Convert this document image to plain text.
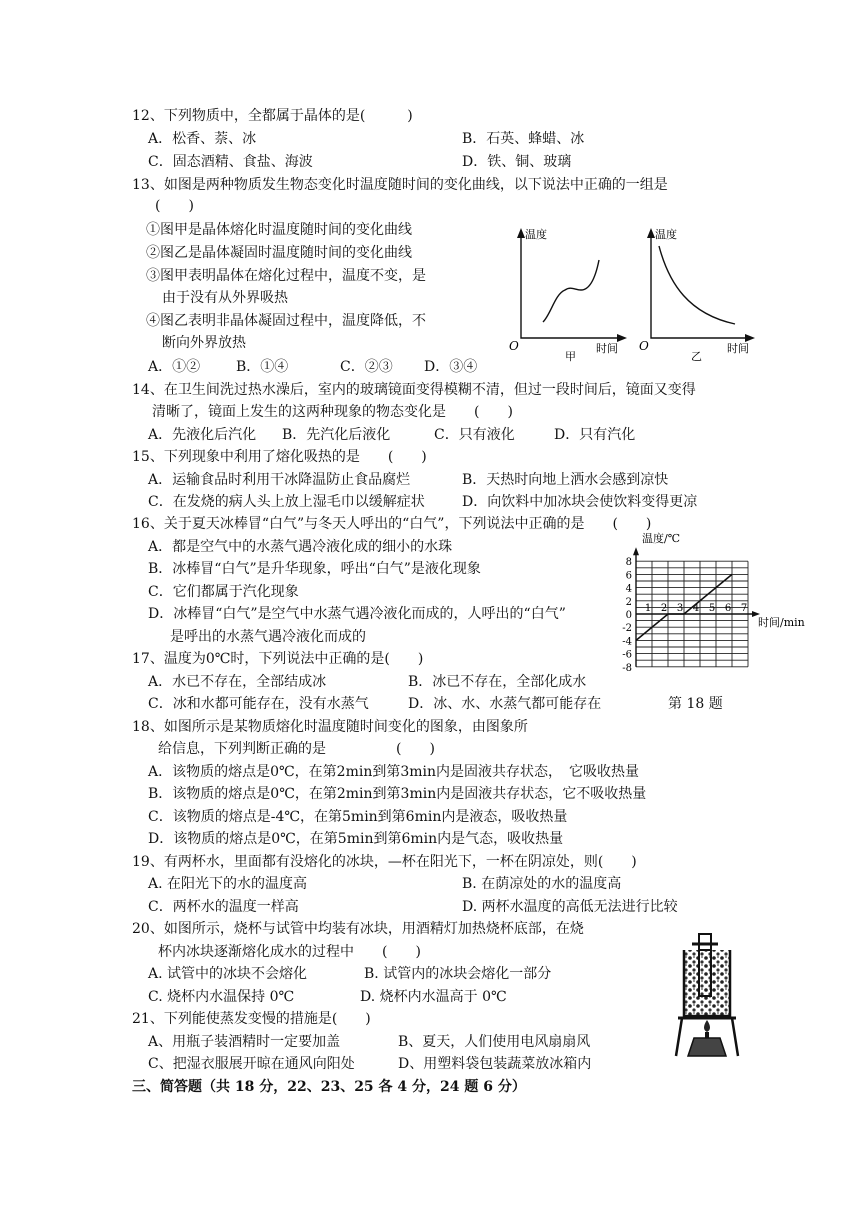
12、下列物质中，全都属于晶体的是(　　　)
A．松香、萘、冰	B．石英、蜂蜡、冰
C．固态酒精、食盐、海波	D．铁、铜、玻璃
13、如图是两种物质发生物态变化时温度随时间的变化曲线，以下说法中正确的一组是
(　　)
①图甲是晶体熔化时温度随时间的变化曲线
②图乙是晶体凝固时温度随时间的变化曲线
③图甲表明晶体在熔化过程中，温度不变，是
由于没有从外界吸热
④图乙表明非晶体凝固过程中，温度降低，不
断向外界放热
A．①②	B．①④	C．②③ D．③④
温度
O	时间
甲
温度
O	时间
乙
14、在卫生间洗过热水澡后，室内的玻璃镜面变得模糊不清，但过一段时间后，镜面又变得
清晰了，镜面上发生的这两种现象的物态变化是　　(　　)
A．先液化后汽化 B．先汽化后液化	C．只有液化	D．只有汽化
15、下列现象中利用了熔化吸热的是　　(　　)
A．运输食品时利用干冰降温防止食品腐烂	B．天热时向地上洒水会感到凉快
C．在发烧的病人头上放上湿毛巾以缓解症状	D．向饮料中加冰块会使饮料变得更凉
16、关于夏天冰棒冒“白气”与冬天人呼出的“白气”，下列说法中正确的是　　(　　)
A．都是空气中的水蒸气遇冷液化成的细小的水珠
B．冰棒冒“白气”是升华现象，呼出“白气”是液化现象
C．它们都属于汽化现象
D．冰棒冒“白气”是空气中水蒸气遇冷液化而成的，人呼出的“白气”
是呼出的水蒸气遇冷液化而成的
8
6
4
2
0
-2
-4
-6
-8
1 2 3 4 5 6 7
温度/℃
时间/min
17、温度为0℃时，下列说法中正确的是(　　)
A．水已不存在，全部结成冰	B．冰已不存在，全部化成水
C．冰和水都可能存在，没有水蒸气	D．冰、水、水蒸气都可能存在	第 18 题
18、如图所示是某物质熔化时温度随时间变化的图象，由图象所
给信息，下列判断正确的是　　　　　(　　)
A．该物质的熔点是0℃，在第2min到第3min内是固液共存状态，　它吸收热量
B．该物质的熔点是0℃，在第2min到第3min内是固液共存状态，它不吸收热量
C．该物质的熔点是-4℃，在第5min到第6min内是液态，吸收热量
D．该物质的熔点是0℃，在第5min到第6min内是气态，吸收热量
19、有两杯水，里面都有没熔化的冰块，—杯在阳光下，一杯在阴凉处，则(　　)
A. 在阳光下的水的温度高	B. 在荫凉处的水的温度高
C．两杯水的温度一样高	D. 两杯水温度的高低无法进行比较
20、如图所示，烧杯与试管中均装有冰块，用酒精灯加热烧杯底部，在烧
杯内冰块逐渐熔化成水的过程中　　(　　)
A. 试管中的冰块不会熔化	B. 试管内的冰块会熔化一部分
C. 烧杯内水温保持 0℃	D. 烧杯内水温高于 0℃
21、下列能使蒸发变慢的措施是(　　)
A、用瓶子装酒精时一定要加盖	B、夏天，人们使用电风扇扇风
C、把湿衣服展开晾在通风向阳处	D、用塑料袋包装蔬菜放冰箱内
三、简答题（共 18 分，22、23、25 各 4 分，24 题 6 分）
